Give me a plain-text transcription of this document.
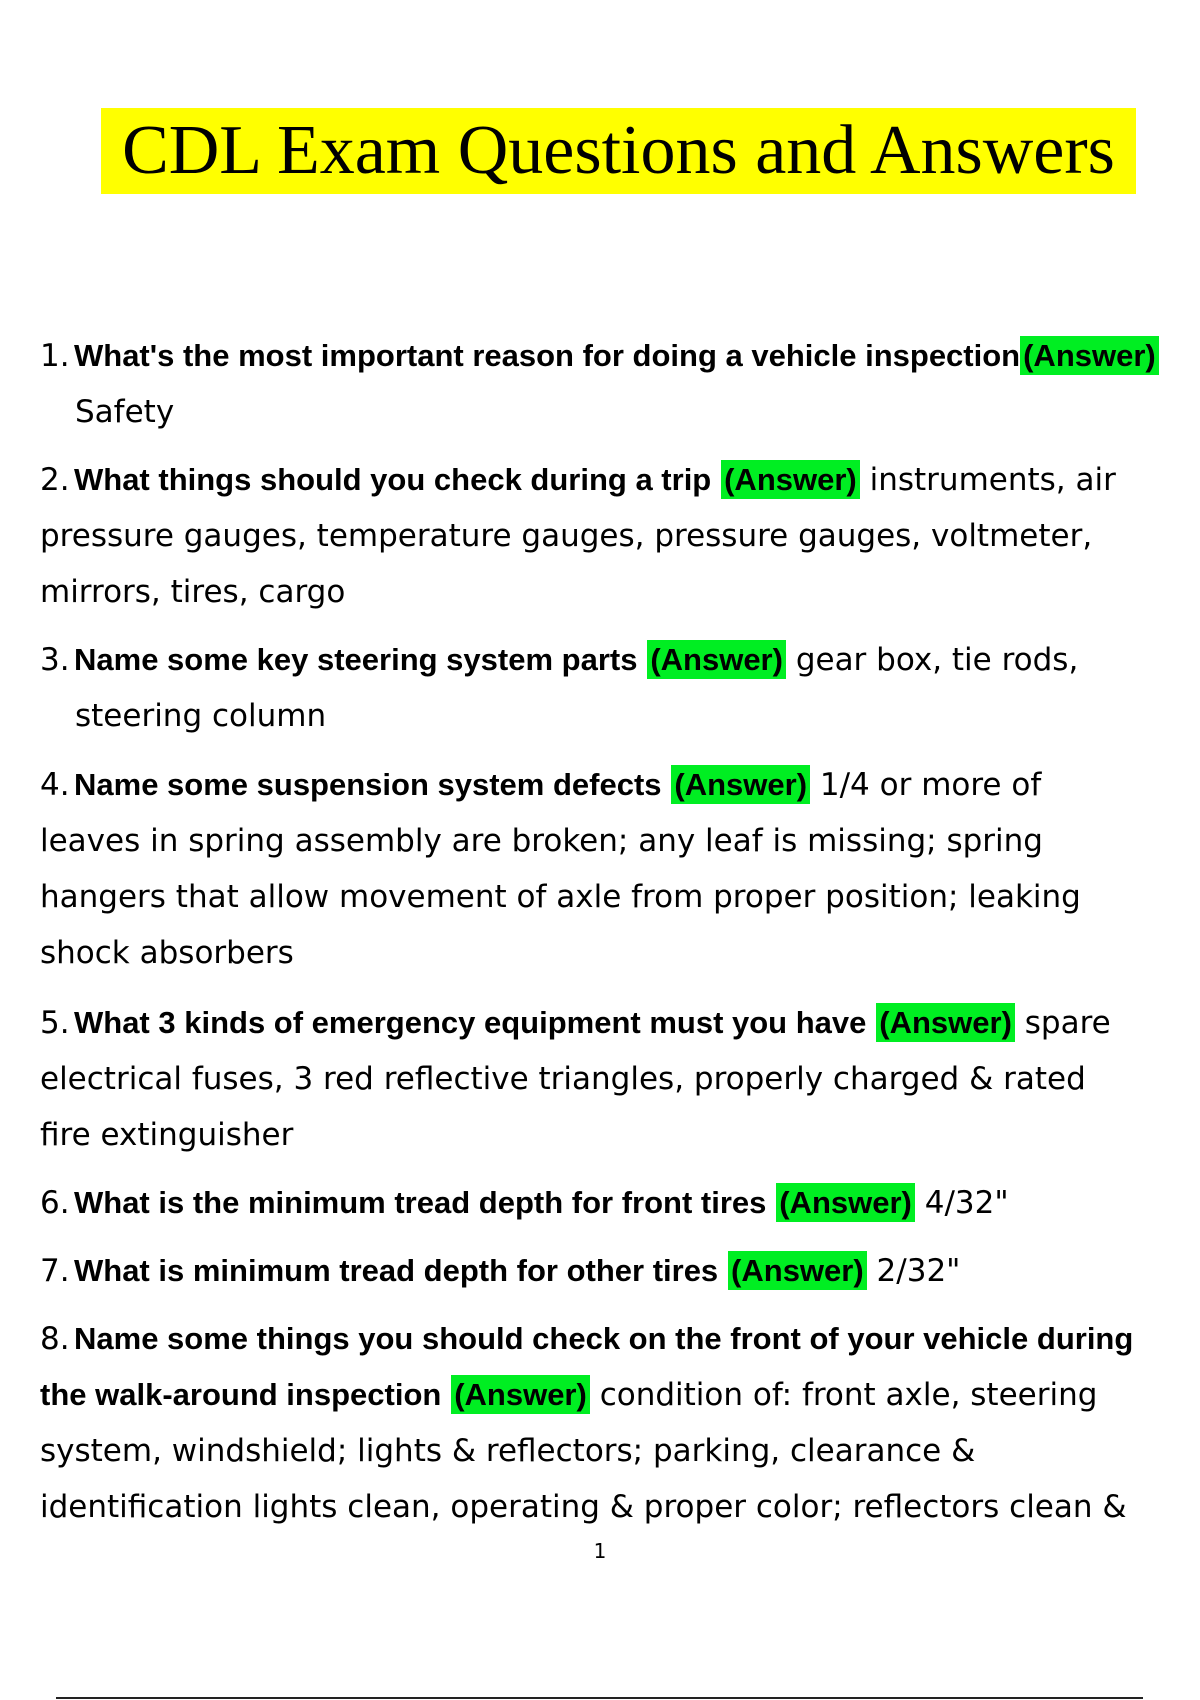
CDL Exam Questions and Answers
1. What's the most important reason for doing a vehicle inspection(Answer)
Safety
2. What things should you check during a trip (Answer) instruments, air
pressure gauges, temperature gauges, pressure gauges, voltmeter,
mirrors, tires, cargo
3. Name some key steering system parts (Answer) gear box, tie rods,
steering column
4. Name some suspension system defects (Answer) 1/4 or more of
leaves in spring assembly are broken; any leaf is missing; spring
hangers that allow movement of axle from proper position; leaking
shock absorbers
5. What 3 kinds of emergency equipment must you have (Answer) spare
electrical fuses, 3 red reflective triangles, properly charged & rated
fire extinguisher
6. What is the minimum tread depth for front tires (Answer) 4/32"
7. What is minimum tread depth for other tires (Answer) 2/32"
8. Name some things you should check on the front of your vehicle during
the walk-around inspection (Answer) condition of: front axle, steering
system, windshield; lights & reflectors; parking, clearance &
identification lights clean, operating & proper color; reflectors clean &
1
